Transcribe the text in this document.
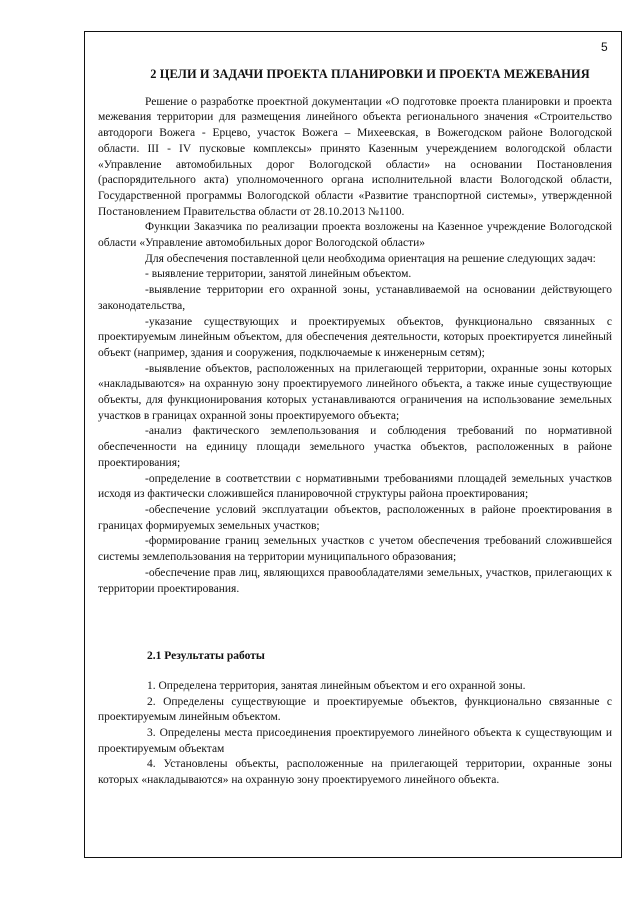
5
2 ЦЕЛИ И ЗАДАЧИ ПРОЕКТА ПЛАНИРОВКИ И ПРОЕКТА МЕЖЕВАНИЯ

Решение о разработке проектной документации «О подготовке проекта планировки и проекта межевания территории для размещения линейного объекта регионального значения «Строительство автодороги Вожега - Ерцево, участок Вожега – Михеевская, в Вожегодском районе Вологодской области. III - IV пусковые комплексы» принято Казенным учереждением вологодской области «Управление автомобильных дорог Вологодской области» на основании Постановления (распорядительного акта) уполномоченного органа исполнительной власти Вологодской области, Государственной программы Вологодской области «Развитие транспортной системы», утвержденной Постановлением Правительства области от 28.10.2013 №1100.

Функции Заказчика по реализации проекта возложены на Казенное учреждение Вологодской области «Управление автомобильных дорог Вологодской области»

Для обеспечения поставленной цели необходима ориентация на решение следующих задач:

- выявление территории, занятой линейным объектом.

-выявление территории его охранной зоны, устанавливаемой на основании действующего законодательства,

-указание существующих и проектируемых объектов, функционально связанных с проектируемым линейным объектом, для обеспечения деятельности, которых проектируется линейный объект (например, здания и сооружения, подключаемые к инженерным сетям);

-выявление объектов, расположенных на прилегающей территории, охранные зоны которых «накладываются» на охранную зону проектируемого линейного объекта, а также иные существующие объекты, для функционирования которых устанавливаются ограничения на использование земельных участков в границах охранной зоны проектируемого объекта;

-анализ фактического землепользования и соблюдения требований по нормативной обеспеченности на единицу площади земельного участка объектов, расположенных в районе проектирования;

-определение в соответствии с нормативными требованиями площадей земельных участков исходя из фактически сложившейся планировочной структуры района проектирования;

-обеспечение условий эксплуатации объектов, расположенных в районе проектирования в границах формируемых земельных участков;

-формирование границ земельных участков с учетом обеспечения требований сложившейся системы землепользования на территории муниципального образования;

-обеспечение прав лиц, являющихся правообладателями земельных, участков, прилегающих к территории проектирования.

2.1 Результаты работы

1. Определена территория, занятая линейным объектом и его охранной зоны.

2. Определены существующие и проектируемые объектов, функционально связанные с проектируемым линейным объектом.

3. Определены места присоединения проектируемого линейного объекта к существующим и проектируемым объектам

4. Установлены объекты, расположенные на прилегающей территории, охранные зоны которых «накладываются» на охранную зону проектируемого линейного объекта.
